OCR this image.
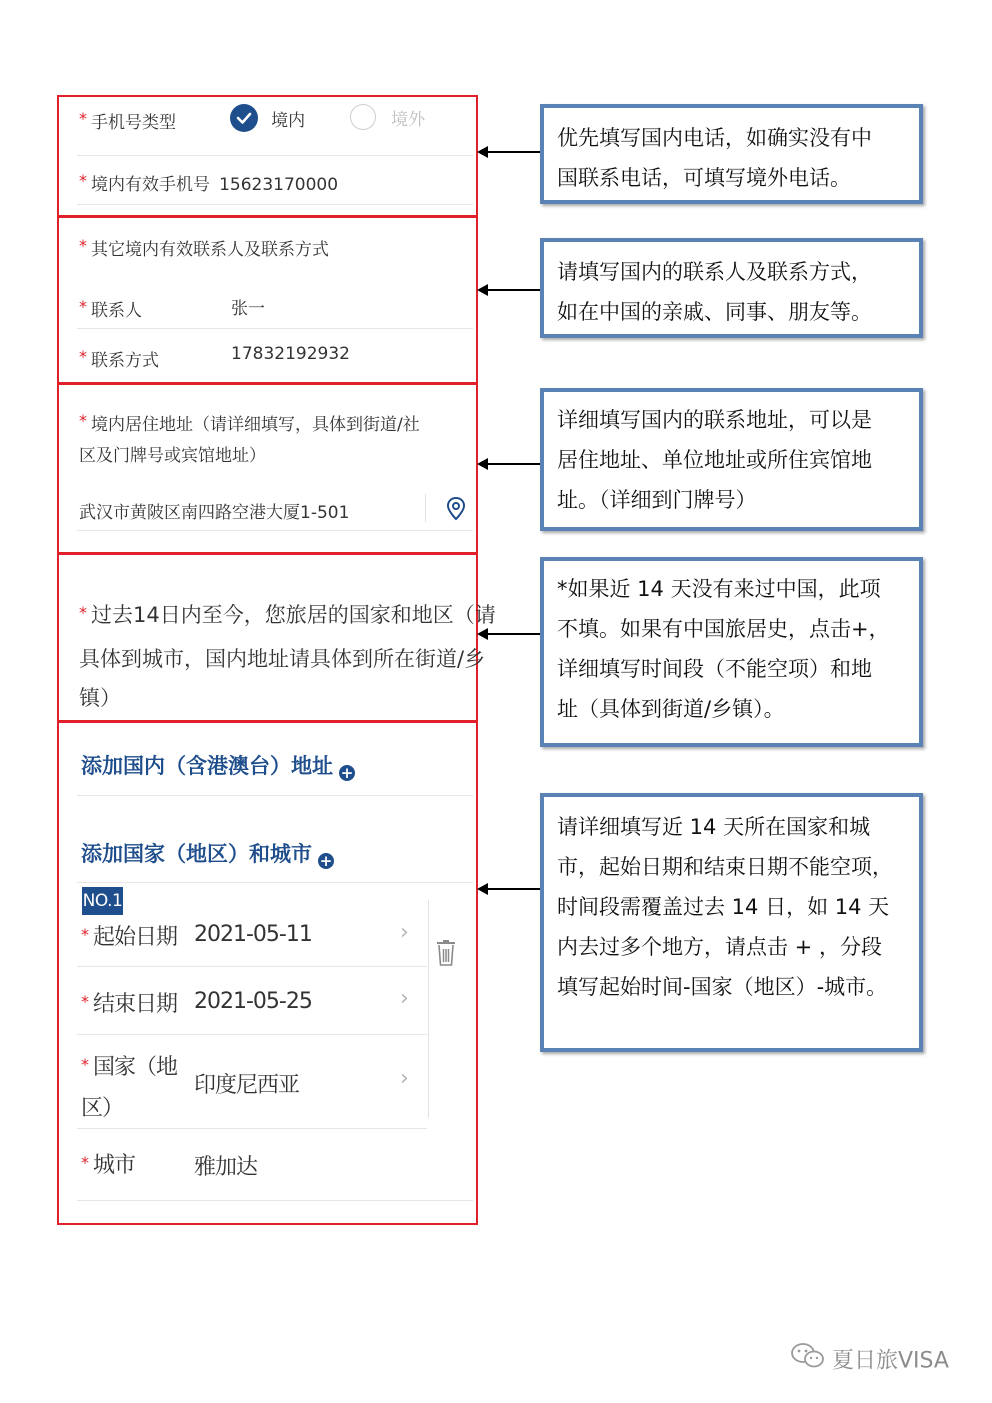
* 手机号类型	境内	境外
* 境内有效手机号 15623170000
* 其它境内有效联系人及联系方式
* 联系人	张一
* 联系方式	17832192932
* 境内居住地址（请详细填写，具体到街道/社
区及门牌号或宾馆地址）
武汉市黄陂区南四路空港大厦1-501
* 过去14日内至今，您旅居的国家和地区（请
具体到城市，国内地址请具体到所在街道/乡
镇）
添加国内（含港澳台）地址 +
添加国家（地区）和城市 +
NO.1
* 起始日期 2021-05-11	›
* 结束日期 2021-05-25	›
* 国家（地
区）
印度尼西亚	›
* 城市	雅加达
优先填写国内电话，如确实没有中
国联系电话，可填写境外电话。
请填写国内的联系人及联系方式，
如在中国的亲戚、同事、朋友等。
详细填写国内的联系地址，可以是
居住地址、单位地址或所住宾馆地
址。（详细到门牌号）
*如果近 14 天没有来过中国，此项
不填。如果有中国旅居史，点击+，
详细填写时间段（不能空项）和地
址（具体到街道/乡镇）。
请详细填写近 14 天所在国家和城
市，起始日期和结束日期不能空项，
时间段需覆盖过去 14 日，如 14 天
内去过多个地方，请点击 + ，分段
填写起始时间-国家（地区）-城市。
夏日旅VISA
